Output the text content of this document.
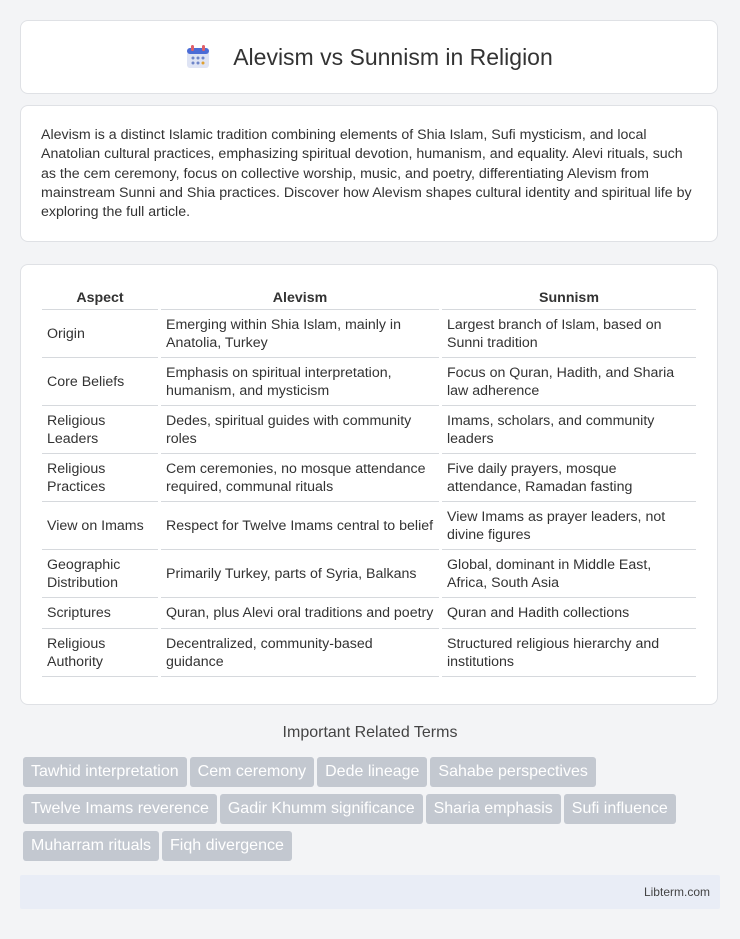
Alevism vs Sunnism in Religion

Alevism is a distinct Islamic tradition combining elements of Shia Islam, Sufi mysticism, and local Anatolian cultural practices, emphasizing spiritual devotion, humanism, and equality. Alevi rituals, such as the cem ceremony, focus on collective worship, music, and poetry, differentiating Alevism from mainstream Sunni and Shia practices. Discover how Alevism shapes cultural identity and spiritual life by exploring the full article.

Aspect	Alevism	Sunnism
Origin	Emerging within Shia Islam, mainly in Anatolia, Turkey	Largest branch of Islam, based on Sunni tradition
Core Beliefs	Emphasis on spiritual interpretation, humanism, and mysticism	Focus on Quran, Hadith, and Sharia law adherence
Religious Leaders	Dedes, spiritual guides with community roles	Imams, scholars, and community leaders
Religious Practices	Cem ceremonies, no mosque attendance required, communal rituals	Five daily prayers, mosque attendance, Ramadan fasting
View on Imams	Respect for Twelve Imams central to belief	View Imams as prayer leaders, not divine figures
Geographic Distribution	Primarily Turkey, parts of Syria, Balkans	Global, dominant in Middle East, Africa, South Asia
Scriptures	Quran, plus Alevi oral traditions and poetry	Quran and Hadith collections
Religious Authority	Decentralized, community-based guidance	Structured religious hierarchy and institutions
Important Related Terms
Tawhid interpretation Cem ceremony Dede lineage Sahabe perspectives
Twelve Imams reverence Gadir Khumm significance Sharia emphasis Sufi influence
Muharram rituals Fiqh divergence
Libterm.com
